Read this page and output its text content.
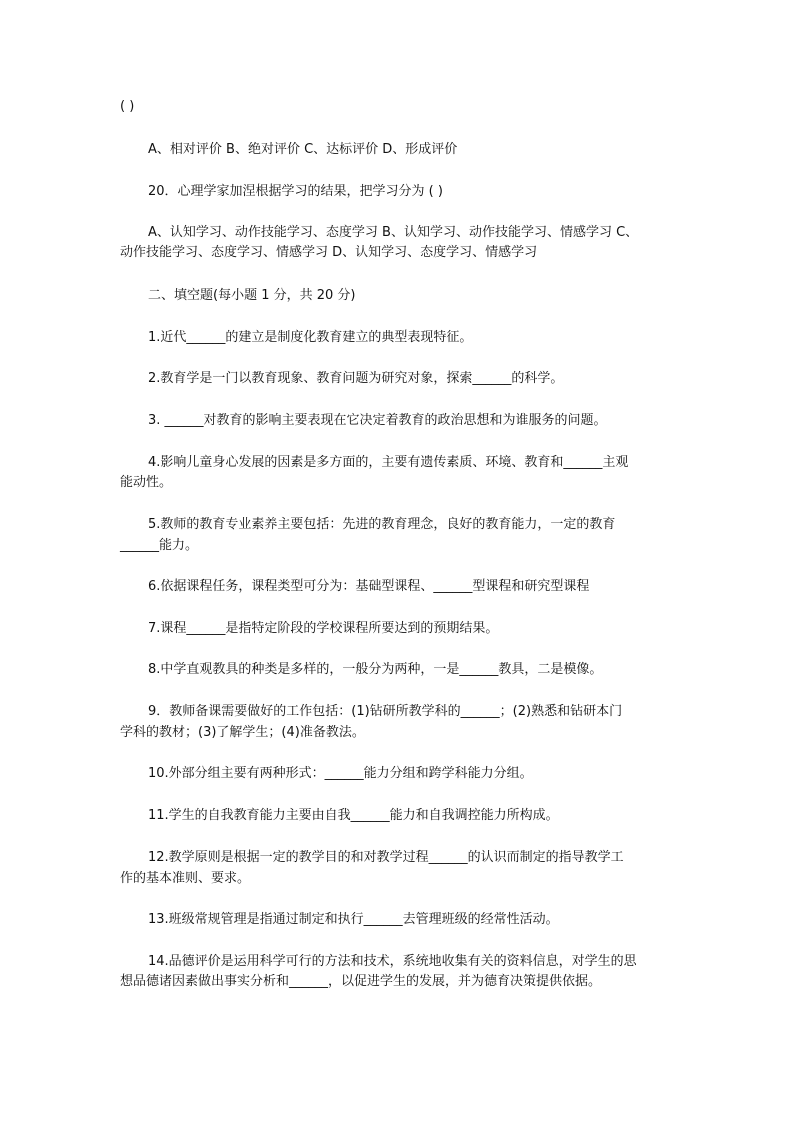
( )
A、相对评价 B、绝对评价 C、达标评价 D、形成评价
20．心理学家加涅根据学习的结果，把学习分为 ( )
A、认知学习、动作技能学习、态度学习 B、认知学习、动作技能学习、情感学习 C、
动作技能学习、态度学习、情感学习 D、认知学习、态度学习、情感学习
二、填空题(每小题 1 分，共 20 分)
1.近代______的建立是制度化教育建立的典型表现特征。
2.教育学是一门以教育现象、教育问题为研究对象，探索______的科学。
3. ______对教育的影响主要表现在它决定着教育的政治思想和为谁服务的问题。
4.影响儿童身心发展的因素是多方面的，主要有遗传素质、环境、教育和______主观
能动性。
5.教师的教育专业素养主要包括：先进的教育理念，良好的教育能力，一定的教育
______能力。
6.依据课程任务，课程类型可分为：基础型课程、______型课程和研究型课程
7.课程______是指特定阶段的学校课程所要达到的预期结果。
8.中学直观教具的种类是多样的，一般分为两种，一是______教具，二是模像。
9．教师备课需要做好的工作包括：(1)钻研所教学科的______；(2)熟悉和钻研本门
学科的教材；(3)了解学生；(4)准备教法。
10.外部分组主要有两种形式：______能力分组和跨学科能力分组。
11.学生的自我教育能力主要由自我______能力和自我调控能力所构成。
12.教学原则是根据一定的教学目的和对教学过程______的认识而制定的指导教学工
作的基本准则、要求。
13.班级常规管理是指通过制定和执行______去管理班级的经常性活动。
14.品德评价是运用科学可行的方法和技术，系统地收集有关的资料信息，对学生的思
想品德诸因素做出事实分析和______，以促进学生的发展，并为德育决策提供依据。
